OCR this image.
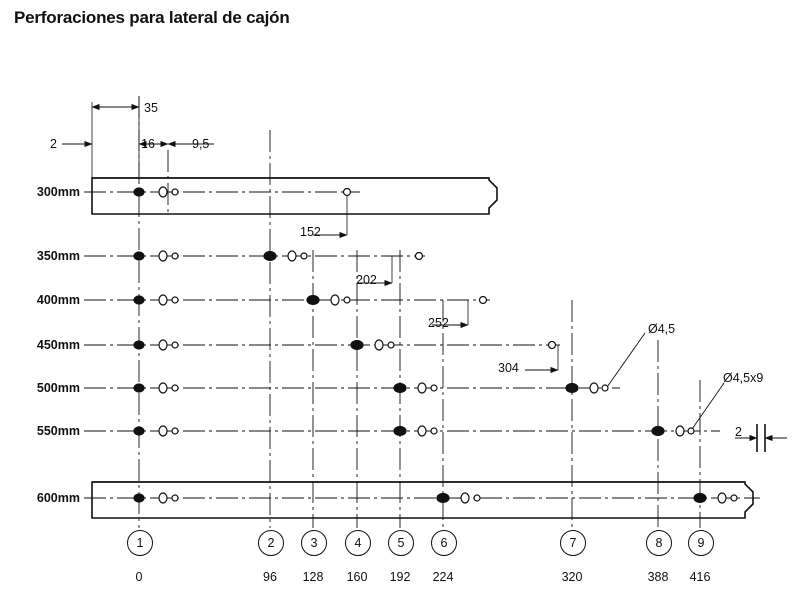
Perforaciones para lateral de cajón
300mm
350mm
400mm
450mm
500mm
550mm
600mm
35
2	16	9,5
152
202
252
304
Ø4,5
Ø4,5x9
2
1	2	3	4	5	6	7	8	9
0	96	128	160	192	224	320	388	416
